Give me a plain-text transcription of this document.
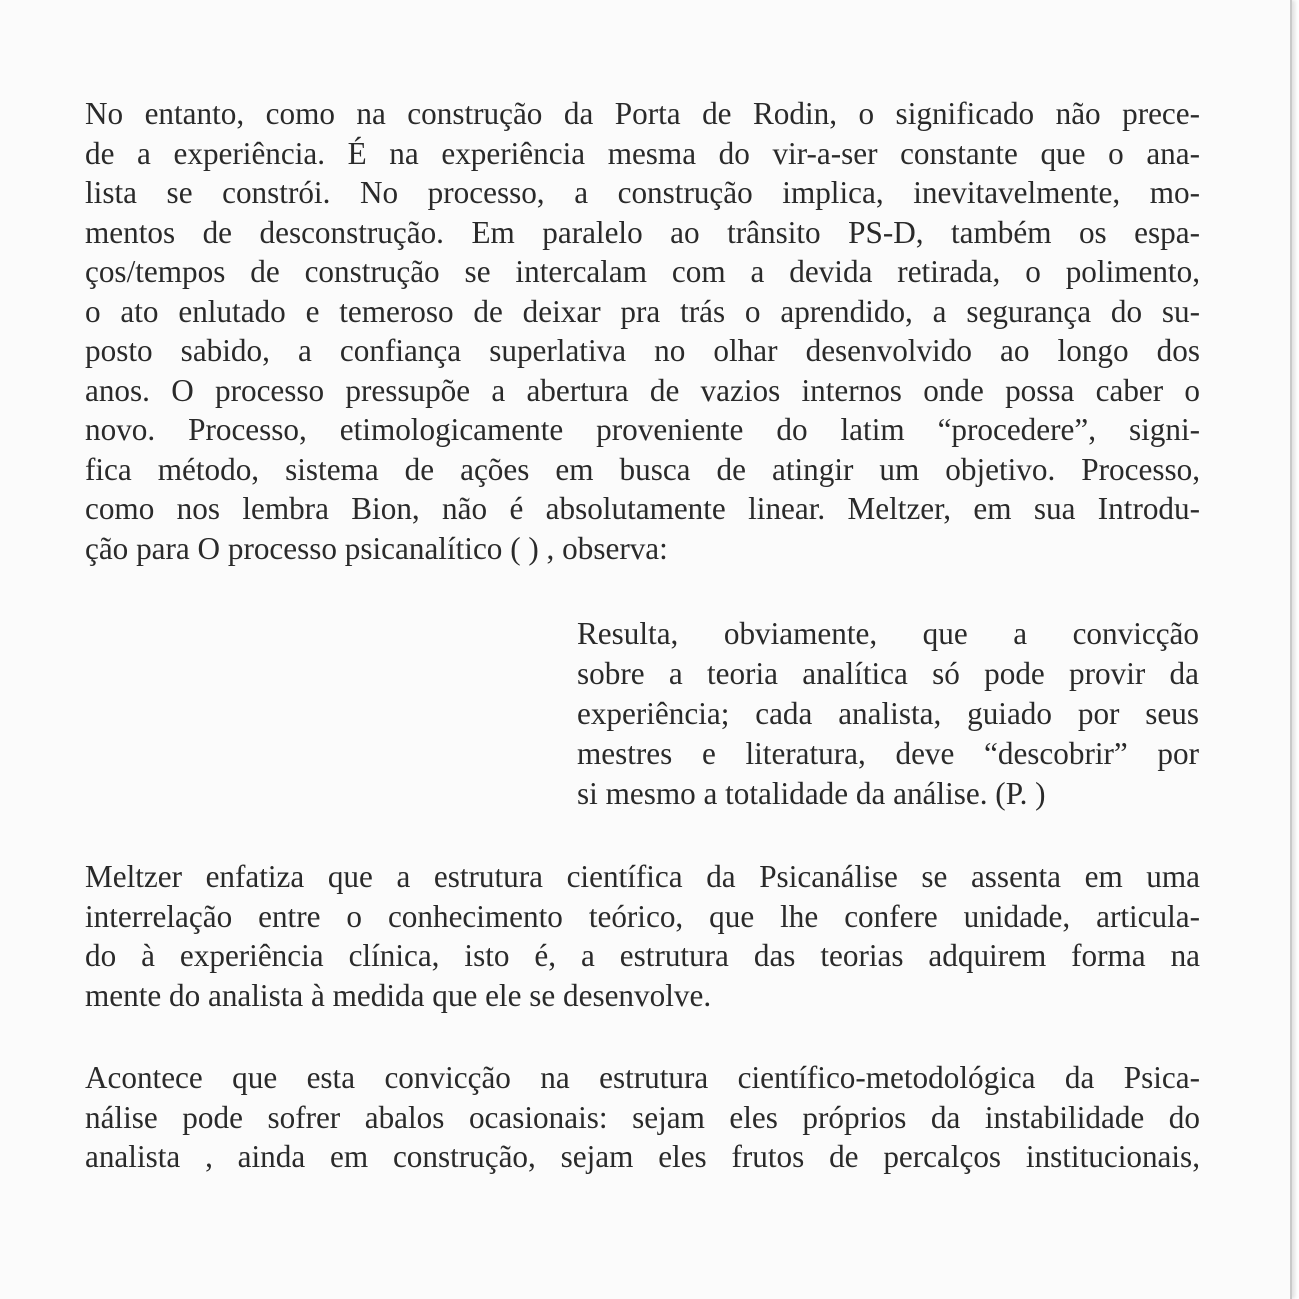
No entanto, como na construção da Porta de Rodin, o significado não prece-
de a experiência. É na experiência mesma do vir-a-ser constante que o ana-
lista se constrói. No processo, a construção implica, inevitavelmente, mo-
mentos de desconstrução. Em paralelo ao trânsito PS-D, também os espa-
ços/tempos de construção se intercalam com a devida retirada, o polimento,
o ato enlutado e temeroso de deixar pra trás o aprendido, a segurança do su-
posto sabido, a confiança superlativa no olhar desenvolvido ao longo dos
anos. O processo pressupõe a abertura de vazios internos onde possa caber o
novo. Processo, etimologicamente proveniente do latim “procedere”, signi-
fica método, sistema de ações em busca de atingir um objetivo. Processo,
como nos lembra Bion, não é absolutamente linear. Meltzer, em sua Introdu-
ção para O processo psicanalítico ( ) , observa:
Resulta, obviamente, que a convicção
sobre a teoria analítica só pode provir da
experiência; cada analista, guiado por seus
mestres e literatura, deve “descobrir” por
si mesmo a totalidade da análise. (P. )
Meltzer enfatiza que a estrutura científica da Psicanálise se assenta em uma
interrelação entre o conhecimento teórico, que lhe confere unidade, articula-
do à experiência clínica, isto é, a estrutura das teorias adquirem forma na
mente do analista à medida que ele se desenvolve.
Acontece que esta convicção na estrutura científico-metodológica da Psica-
nálise pode sofrer abalos ocasionais: sejam eles próprios da instabilidade do
analista , ainda em construção, sejam eles frutos de percalços institucionais,
